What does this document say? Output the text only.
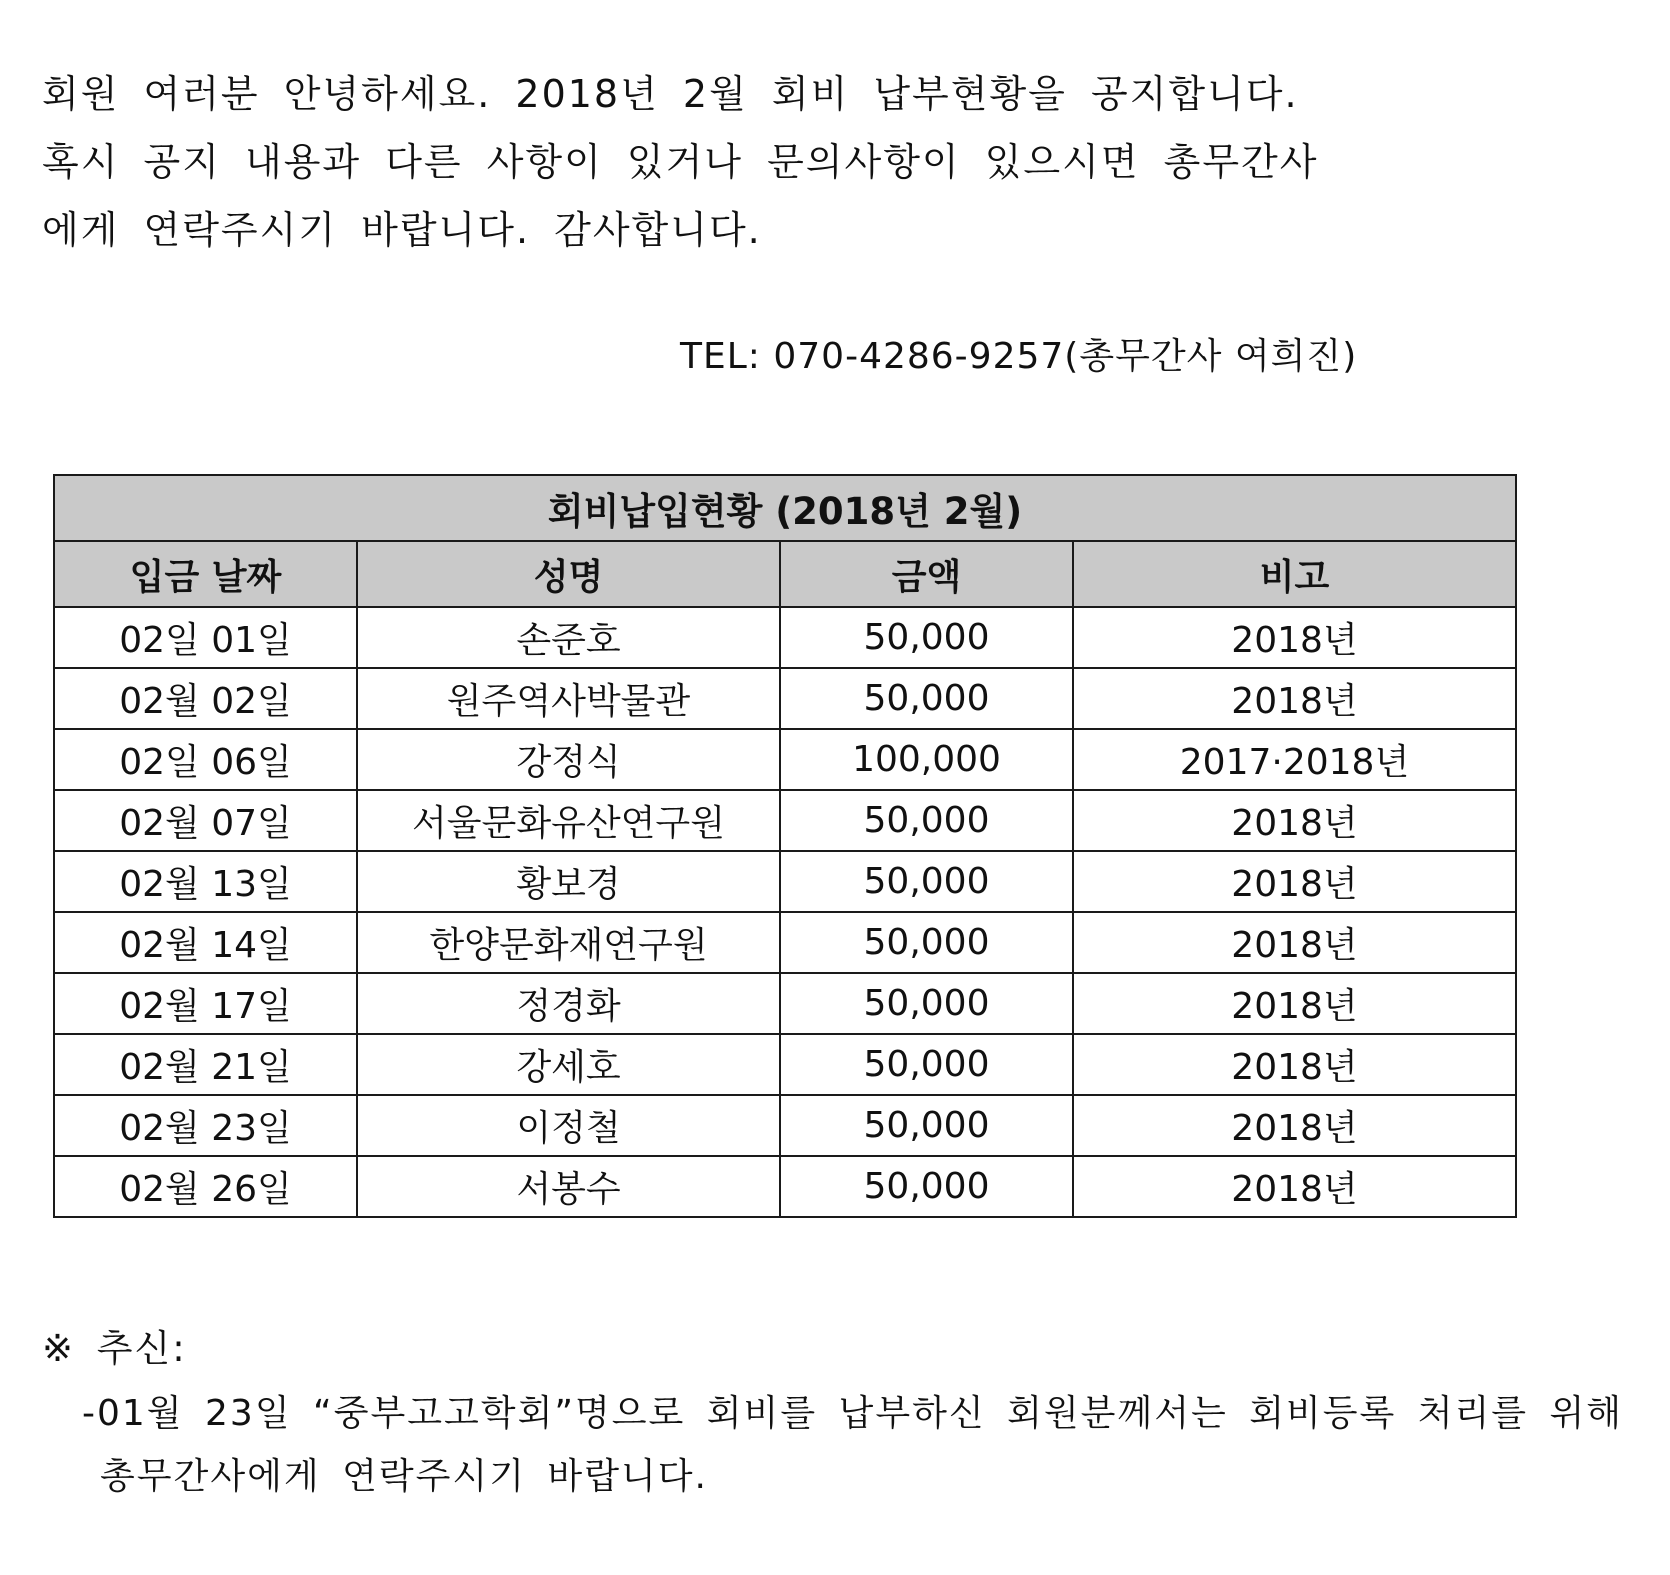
회원 여러분 안녕하세요. 2018년 2월 회비 납부현황을 공지합니다.

혹시 공지 내용과 다른 사항이 있거나 문의사항이 있으시면 총무간사

에게 연락주시기 바랍니다. 감사합니다.

TEL: 070-4286-9257(총무간사 여희진)
회비납입현황 (2018년 2월)			
입금 날짜	성명	금액	비고
02일 01일	손준호	50,000	2018년
02월 02일	원주역사박물관	50,000	2018년
02일 06일	강정식	100,000	2017·2018년
02월 07일	서울문화유산연구원	50,000	2018년
02월 13일	황보경	50,000	2018년
02월 14일	한양문화재연구원	50,000	2018년
02월 17일	정경화	50,000	2018년
02월 21일	강세호	50,000	2018년
02월 23일	이정철	50,000	2018년
02월 26일	서봉수	50,000	2018년
※ 추신:
-01월 23일 “중부고고학회”명으로 회비를 납부하신 회원분께서는 회비등록 처리를 위해
총무간사에게 연락주시기 바랍니다.
